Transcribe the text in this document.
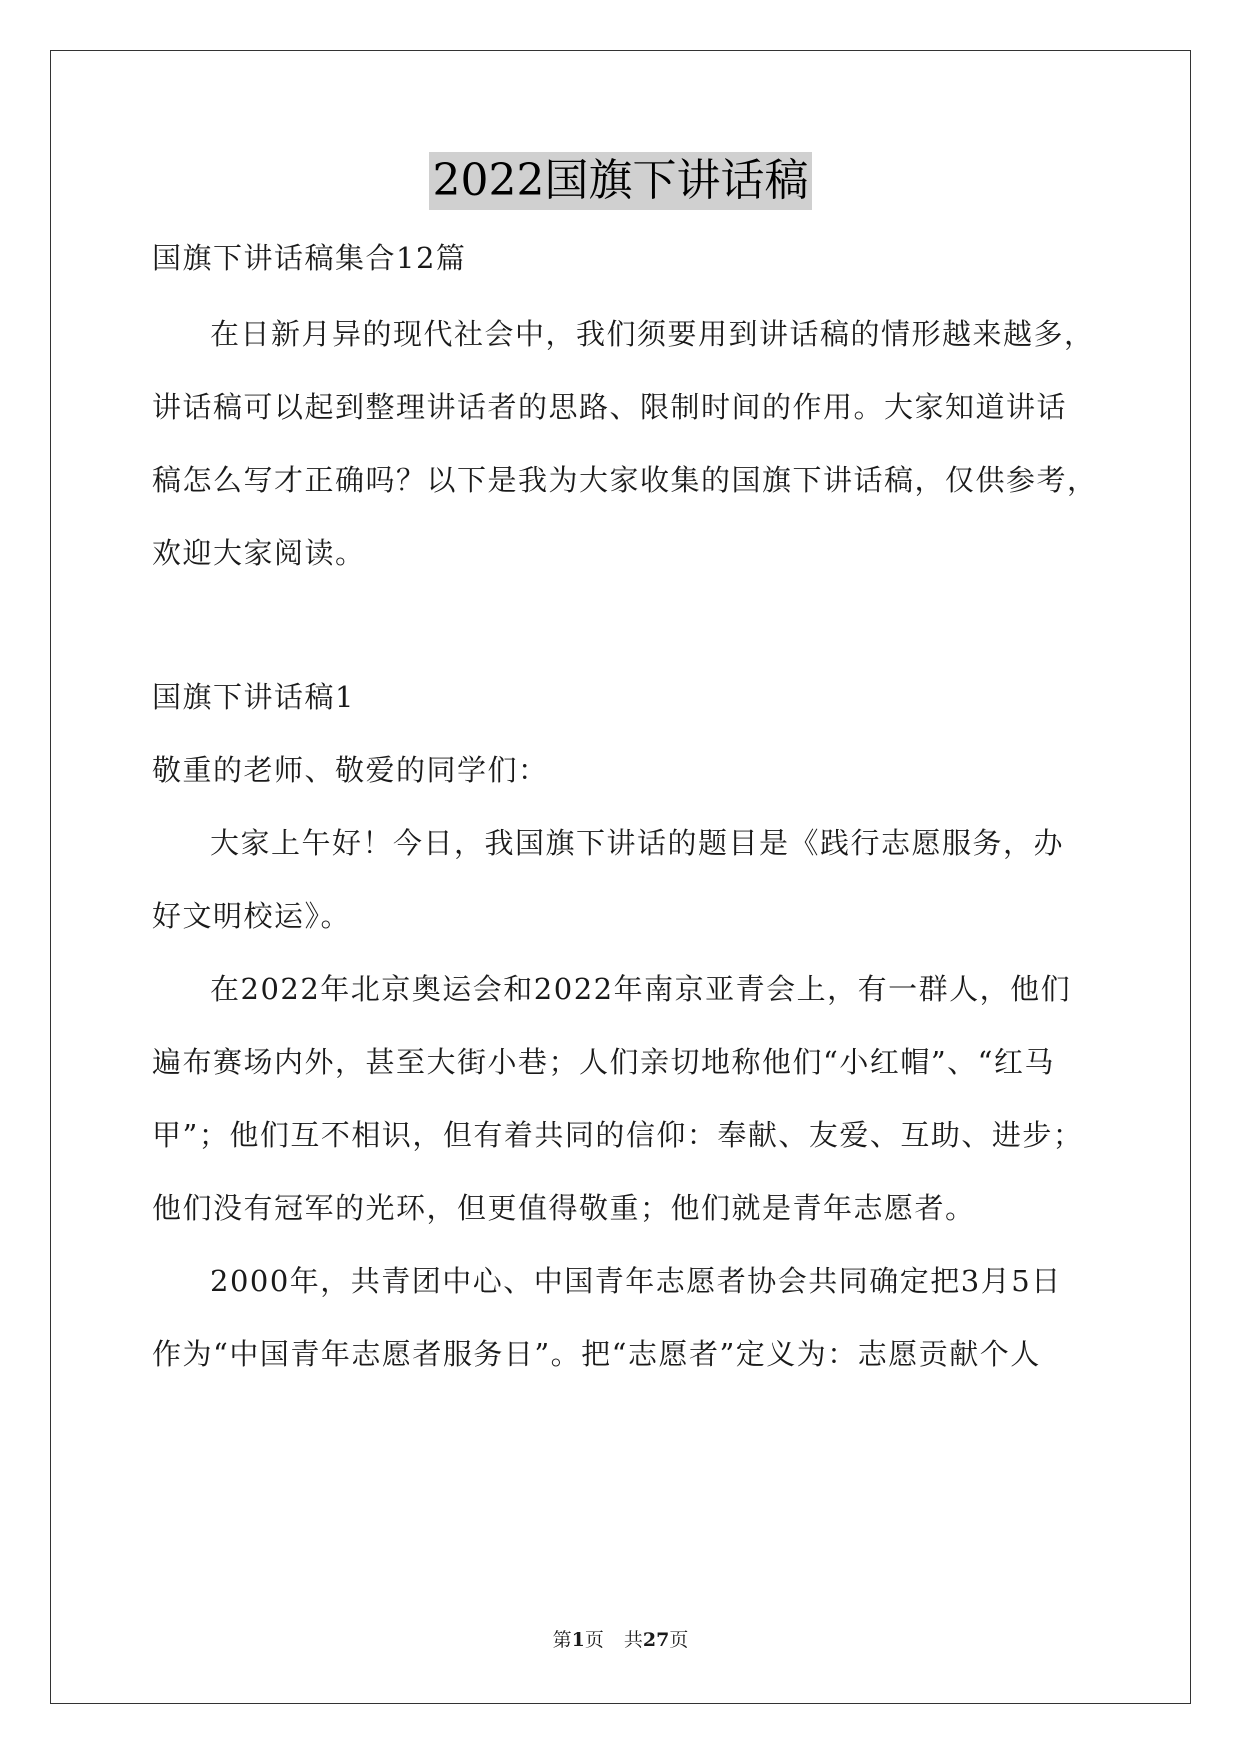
2022国旗下讲话稿
国旗下讲话稿集合12篇
在日新月异的现代社会中，我们须要用到讲话稿的情形越来越多，
讲话稿可以起到整理讲话者的思路、限制时间的作用。大家知道讲话
稿怎么写才正确吗？以下是我为大家收集的国旗下讲话稿，仅供参考，
欢迎大家阅读。
国旗下讲话稿1
敬重的老师、敬爱的同学们：
大家上午好！今日，我国旗下讲话的题目是《践行志愿服务，办
好文明校运》。
在2022年北京奥运会和2022年南京亚青会上，有一群人，他们
遍布赛场内外，甚至大街小巷；人们亲切地称他们“小红帽”、“红马
甲”；他们互不相识，但有着共同的信仰：奉献、友爱、互助、进步；
他们没有冠军的光环，但更值得敬重；他们就是青年志愿者。
2000年，共青团中心、中国青年志愿者协会共同确定把3月5日
作为“中国青年志愿者服务日”。把“志愿者”定义为：志愿贡献个人
第1页 共27页
